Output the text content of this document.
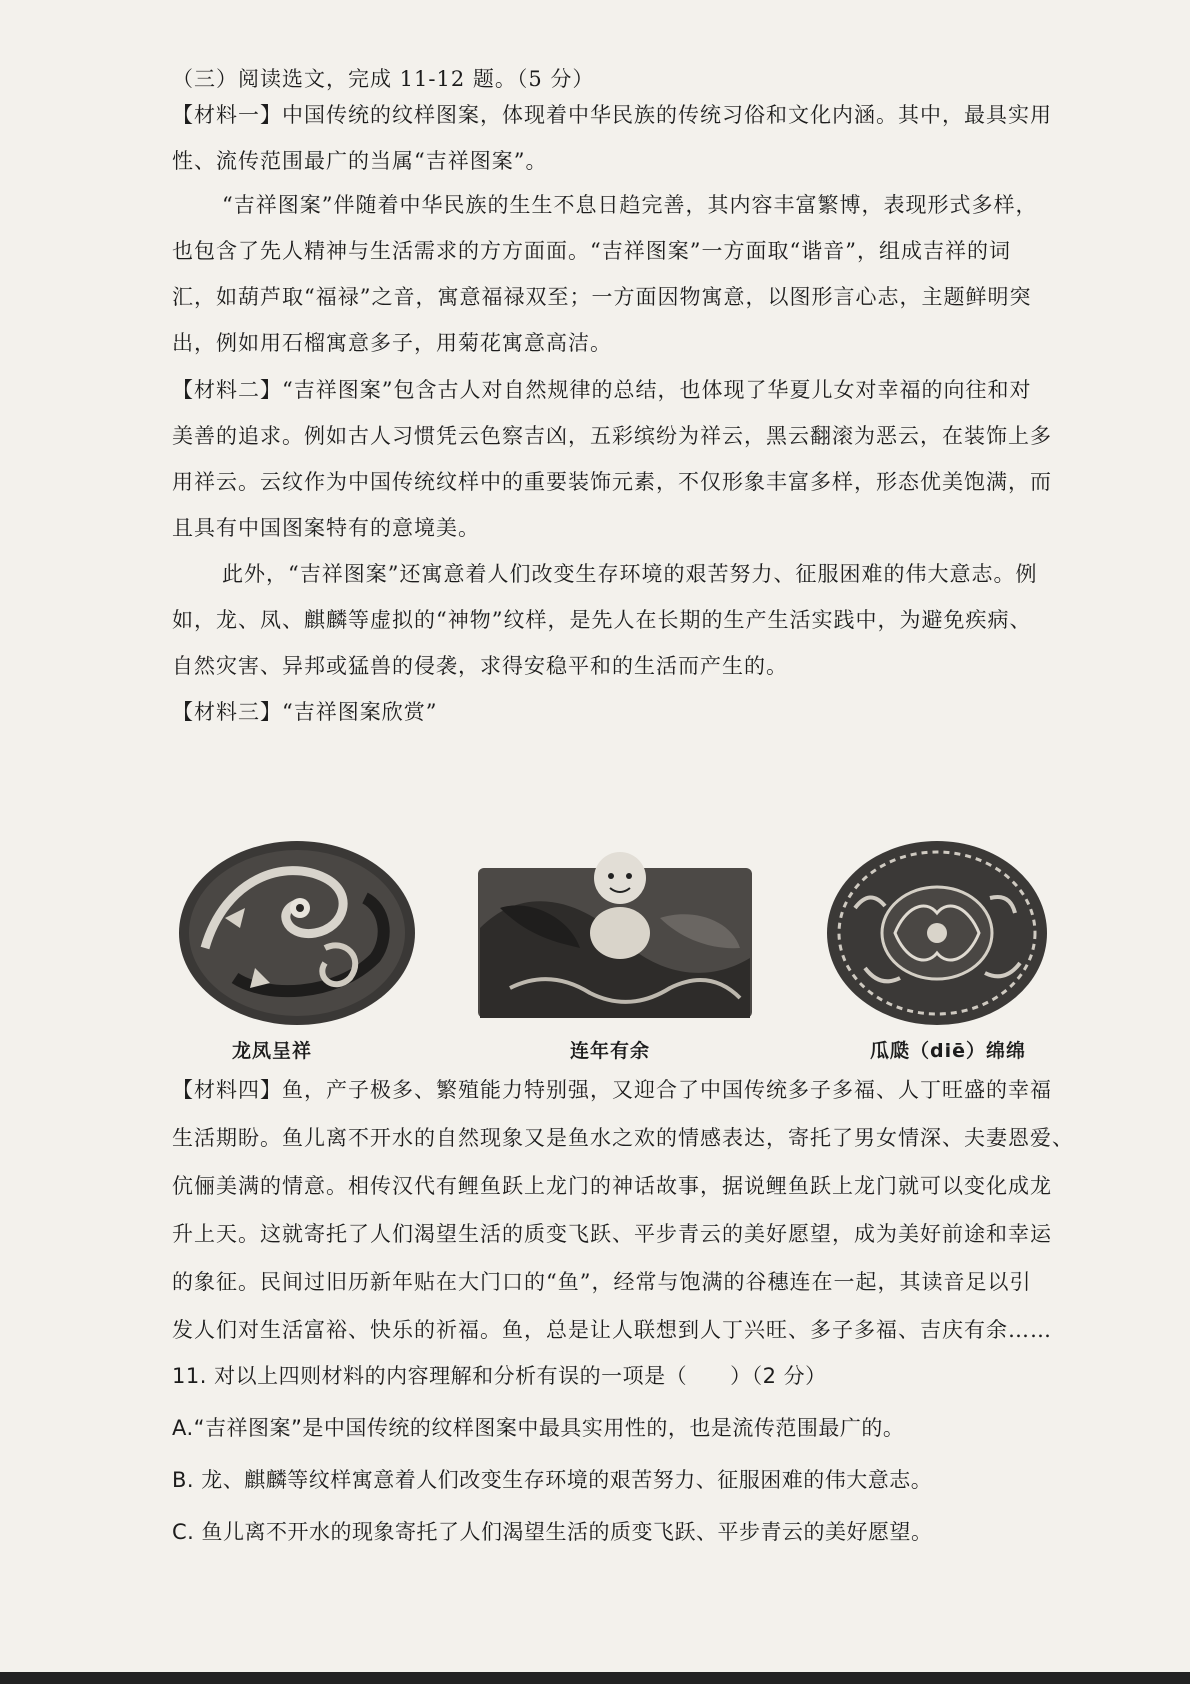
（三）阅读选文，完成 11-12 题。（5 分）
【材料一】中国传统的纹样图案，体现着中华民族的传统习俗和文化内涵。其中，最具实用
性、流传范围最广的当属“吉祥图案”。
“吉祥图案”伴随着中华民族的生生不息日趋完善，其内容丰富繁博，表现形式多样，
也包含了先人精神与生活需求的方方面面。“吉祥图案”一方面取“谐音”，组成吉祥的词
汇，如葫芦取“福禄”之音，寓意福禄双至；一方面因物寓意，以图形言心志，主题鲜明突
出，例如用石榴寓意多子，用菊花寓意高洁。
【材料二】“吉祥图案”包含古人对自然规律的总结，也体现了华夏儿女对幸福的向往和对
美善的追求。例如古人习惯凭云色察吉凶，五彩缤纷为祥云，黑云翻滚为恶云，在装饰上多
用祥云。云纹作为中国传统纹样中的重要装饰元素，不仅形象丰富多样，形态优美饱满，而
且具有中国图案特有的意境美。
此外，“吉祥图案”还寓意着人们改变生存环境的艰苦努力、征服困难的伟大意志。例
如，龙、凤、麒麟等虚拟的“神物”纹样，是先人在长期的生产生活实践中，为避免疾病、
自然灾害、异邦或猛兽的侵袭，求得安稳平和的生活而产生的。
【材料三】“吉祥图案欣赏”
龙凤呈祥	连年有余	瓜瓞（diē）绵绵
【材料四】鱼，产子极多、繁殖能力特别强，又迎合了中国传统多子多福、人丁旺盛的幸福
生活期盼。鱼儿离不开水的自然现象又是鱼水之欢的情感表达，寄托了男女情深、夫妻恩爱、
伉俪美满的情意。相传汉代有鲤鱼跃上龙门的神话故事，据说鲤鱼跃上龙门就可以变化成龙
升上天。这就寄托了人们渴望生活的质变飞跃、平步青云的美好愿望，成为美好前途和幸运
的象征。民间过旧历新年贴在大门口的“鱼”，经常与饱满的谷穗连在一起，其读音足以引
发人们对生活富裕、快乐的祈福。鱼，总是让人联想到人丁兴旺、多子多福、吉庆有余……
11. 对以上四则材料的内容理解和分析有误的一项是（　　）（2 分）
A.“吉祥图案”是中国传统的纹样图案中最具实用性的，也是流传范围最广的。
B. 龙、麒麟等纹样寓意着人们改变生存环境的艰苦努力、征服困难的伟大意志。
C. 鱼儿离不开水的现象寄托了人们渴望生活的质变飞跃、平步青云的美好愿望。
